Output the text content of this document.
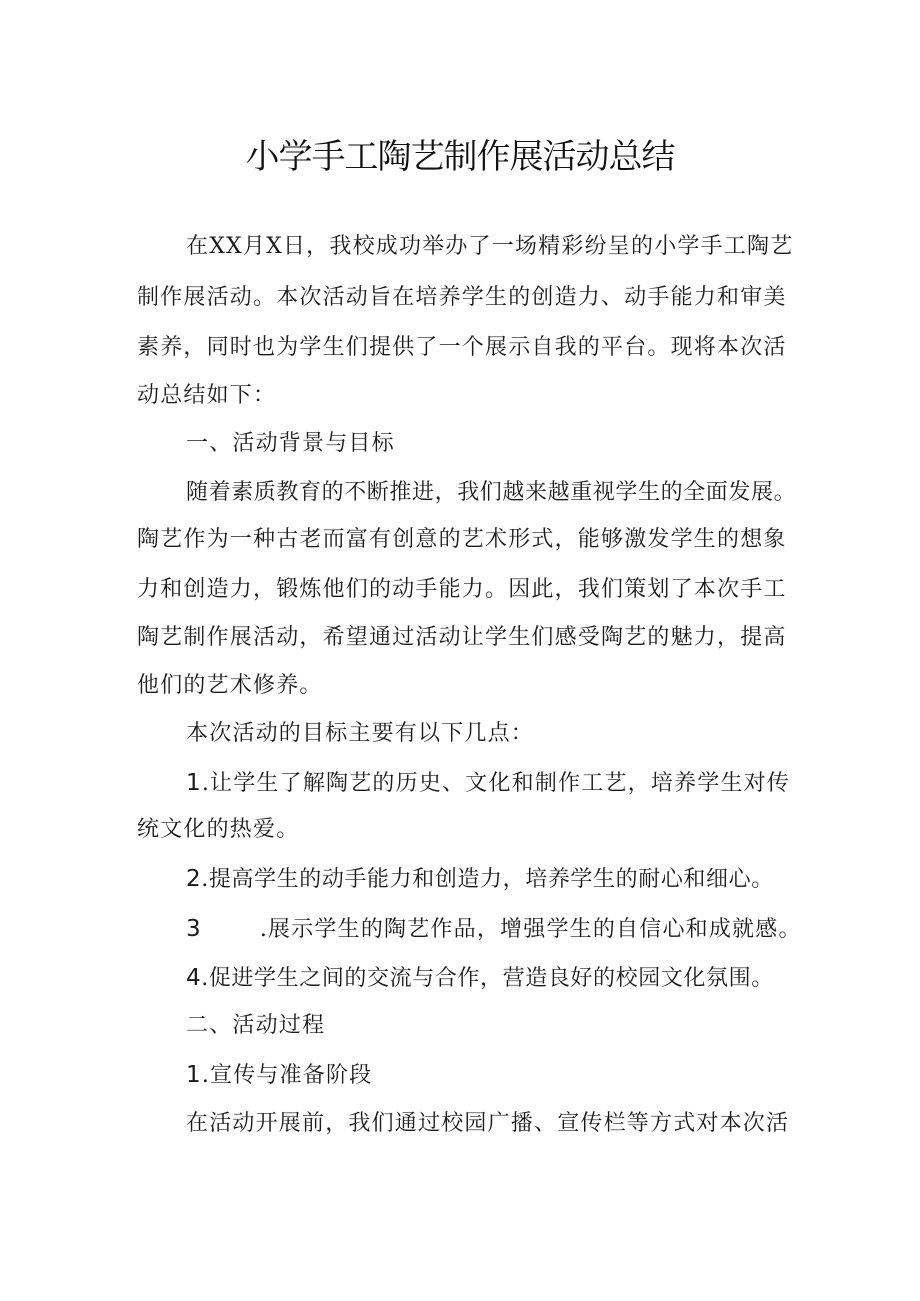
小学手工陶艺制作展活动总结
在XX月X日，我校成功举办了一场精彩纷呈的小学手工陶艺
制作展活动。本次活动旨在培养学生的创造力、动手能力和审美
素养，同时也为学生们提供了一个展示自我的平台。现将本次活
动总结如下：
一、活动背景与目标
随着素质教育的不断推进，我们越来越重视学生的全面发展。
陶艺作为一种古老而富有创意的艺术形式，能够激发学生的想象
力和创造力，锻炼他们的动手能力。因此，我们策划了本次手工
陶艺制作展活动，希望通过活动让学生们感受陶艺的魅力，提高
他们的艺术修养。
本次活动的目标主要有以下几点：
1.让学生了解陶艺的历史、文化和制作工艺，培养学生对传
统文化的热爱。
2.提高学生的动手能力和创造力，培养学生的耐心和细心。
3	.展示学生的陶艺作品，增强学生的自信心和成就感。
4.促进学生之间的交流与合作，营造良好的校园文化氛围。
二、活动过程
1.宣传与准备阶段
在活动开展前，我们通过校园广播、宣传栏等方式对本次活
